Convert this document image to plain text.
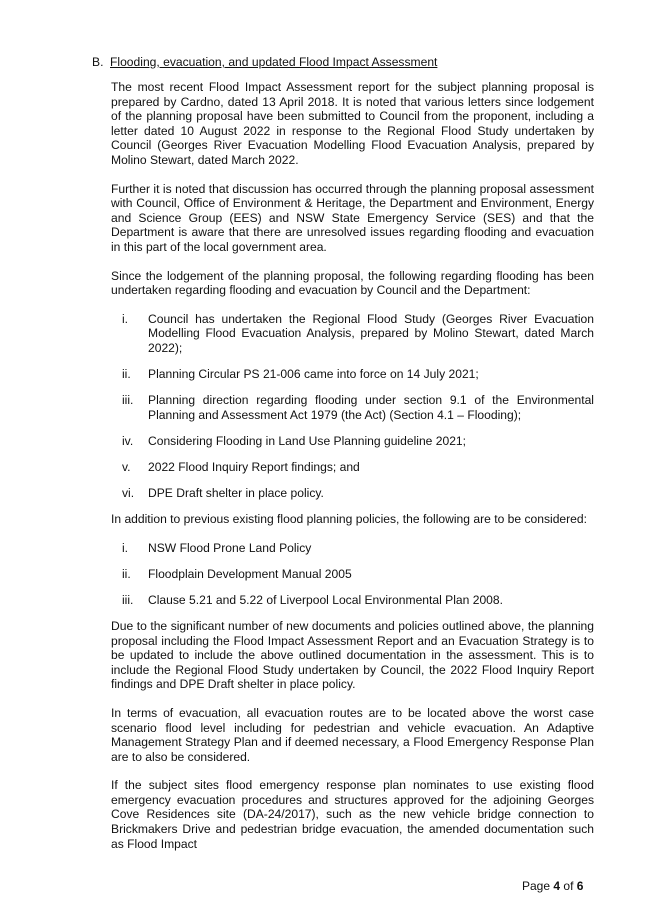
B. Flooding, evacuation, and updated Flood Impact Assessment

The most recent Flood Impact Assessment report for the subject planning proposal is prepared by Cardno, dated 13 April 2018. It is noted that various letters since lodgement of the planning proposal have been submitted to Council from the proponent, including a letter dated 10 August 2022 in response to the Regional Flood Study undertaken by Council (Georges River Evacuation Modelling Flood Evacuation Analysis, prepared by Molino Stewart, dated March 2022.

Further it is noted that discussion has occurred through the planning proposal assessment with Council, Office of Environment & Heritage, the Department and Environment, Energy and Science Group (EES) and NSW State Emergency Service (SES) and that the Department is aware that there are unresolved issues regarding flooding and evacuation in this part of the local government area.

Since the lodgement of the planning proposal, the following regarding flooding has been undertaken regarding flooding and evacuation by Council and the Department:

i. Council has undertaken the Regional Flood Study (Georges River Evacuation Modelling Flood Evacuation Analysis, prepared by Molino Stewart, dated March 2022);
ii. Planning Circular PS 21-006 came into force on 14 July 2021;
iii. Planning direction regarding flooding under section 9.1 of the Environmental Planning and Assessment Act 1979 (the Act) (Section 4.1 – Flooding);
iv. Considering Flooding in Land Use Planning guideline 2021;
v. 2022 Flood Inquiry Report findings; and
vi. DPE Draft shelter in place policy.

In addition to previous existing flood planning policies, the following are to be considered:

i. NSW Flood Prone Land Policy
ii. Floodplain Development Manual 2005
iii. Clause 5.21 and 5.22 of Liverpool Local Environmental Plan 2008.

Due to the significant number of new documents and policies outlined above, the planning proposal including the Flood Impact Assessment Report and an Evacuation Strategy is to be updated to include the above outlined documentation in the assessment. This is to include the Regional Flood Study undertaken by Council, the 2022 Flood Inquiry Report findings and DPE Draft shelter in place policy.

In terms of evacuation, all evacuation routes are to be located above the worst case scenario flood level including for pedestrian and vehicle evacuation. An Adaptive Management Strategy Plan and if deemed necessary, a Flood Emergency Response Plan are to also be considered.

If the subject sites flood emergency response plan nominates to use existing flood emergency evacuation procedures and structures approved for the adjoining Georges Cove Residences site (DA-24/2017), such as the new vehicle bridge connection to Brickmakers Drive and pedestrian bridge evacuation, the amended documentation such as Flood Impact

Page 4 of 6
